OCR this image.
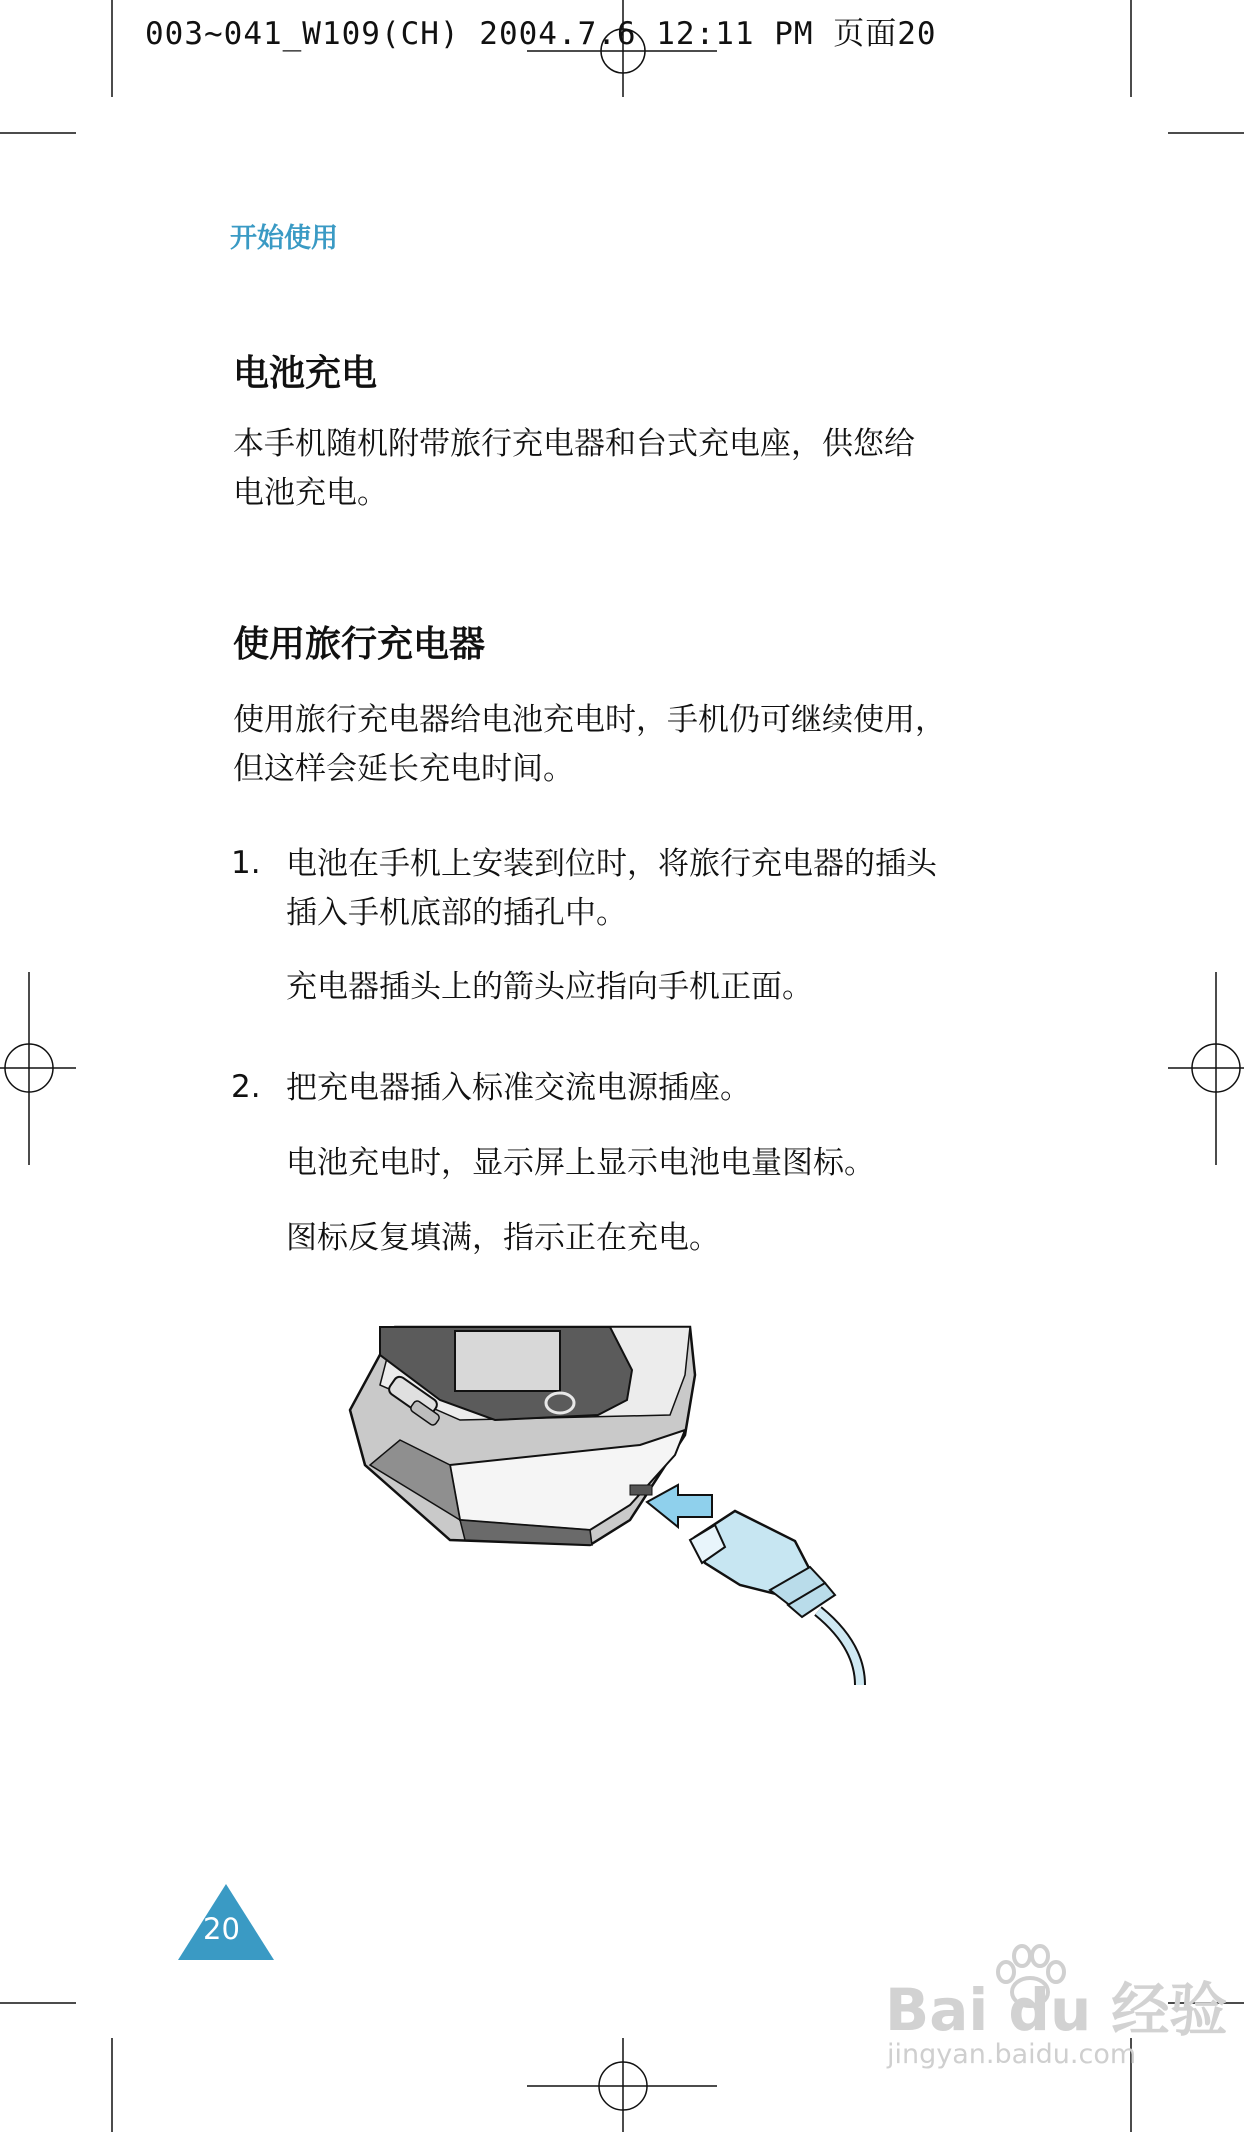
003~041_W109(CH) 2004.7.6 12:11 PM 页面20
开始使用
电池充电
本手机随机附带旅行充电器和台式充电座，供您给
电池充电。
使用旅行充电器
使用旅行充电器给电池充电时，手机仍可继续使用，
但这样会延长充电时间。
1. 电池在手机上安装到位时，将旅行充电器的插头
插入手机底部的插孔中。
充电器插头上的箭头应指向手机正面。
2. 把充电器插入标准交流电源插座。
电池充电时，显示屏上显示电池电量图标。
图标反复填满，指示正在充电。
20
Bai du 经验
jingyan.baidu.com
